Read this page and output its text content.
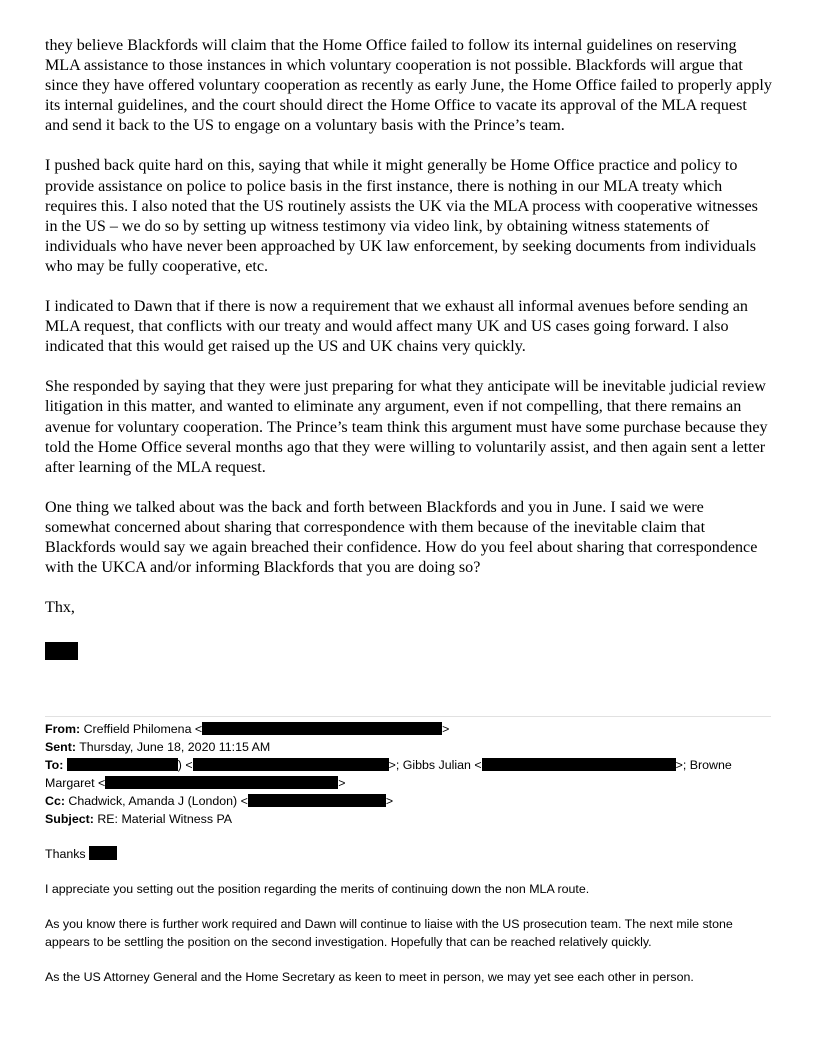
they believe Blackfords will claim that the Home Office failed to follow its internal guidelines on reserving MLA assistance to those instances in which voluntary cooperation is not possible. Blackfords will argue that since they have offered voluntary cooperation as recently as early June, the Home Office failed to properly apply its internal guidelines, and the court should direct the Home Office to vacate its approval of the MLA request and send it back to the US to engage on a voluntary basis with the Prince’s team.

I pushed back quite hard on this, saying that while it might generally be Home Office practice and policy to provide assistance on police to police basis in the first instance, there is nothing in our MLA treaty which requires this. I also noted that the US routinely assists the UK via the MLA process with cooperative witnesses in the US – we do so by setting up witness testimony via video link, by obtaining witness statements of individuals who have never been approached by UK law enforcement, by seeking documents from individuals who may be fully cooperative, etc.

I indicated to Dawn that if there is now a requirement that we exhaust all informal avenues before sending an MLA request, that conflicts with our treaty and would affect many UK and US cases going forward. I also indicated that this would get raised up the US and UK chains very quickly.

She responded by saying that they were just preparing for what they anticipate will be inevitable judicial review litigation in this matter, and wanted to eliminate any argument, even if not compelling, that there remains an avenue for voluntary cooperation. The Prince’s team think this argument must have some purchase because they told the Home Office several months ago that they were willing to voluntarily assist, and then again sent a letter after learning of the MLA request.

One thing we talked about was the back and forth between Blackfords and you in June. I said we were somewhat concerned about sharing that correspondence with them because of the inevitable claim that Blackfords would say we again breached their confidence. How do you feel about sharing that correspondence with the UKCA and/or informing Blackfords that you are doing so?

Thx,

From: Creffield Philomena <	>
Sent: Thursday, June 18, 2020 11:15 AM
To:	) <	>; Gibbs Julian <	>; Browne
Margaret <	>
Cc: Chadwick, Amanda J (London) <	>
Subject: RE: Material Witness PA

Thanks

I appreciate you setting out the position regarding the merits of continuing down the non MLA route.

As you know there is further work required and Dawn will continue to liaise with the US prosecution team. The next mile stone appears to be settling the position on the second investigation. Hopefully that can be reached relatively quickly.

As the US Attorney General and the Home Secretary as keen to meet in person, we may yet see each other in person.
